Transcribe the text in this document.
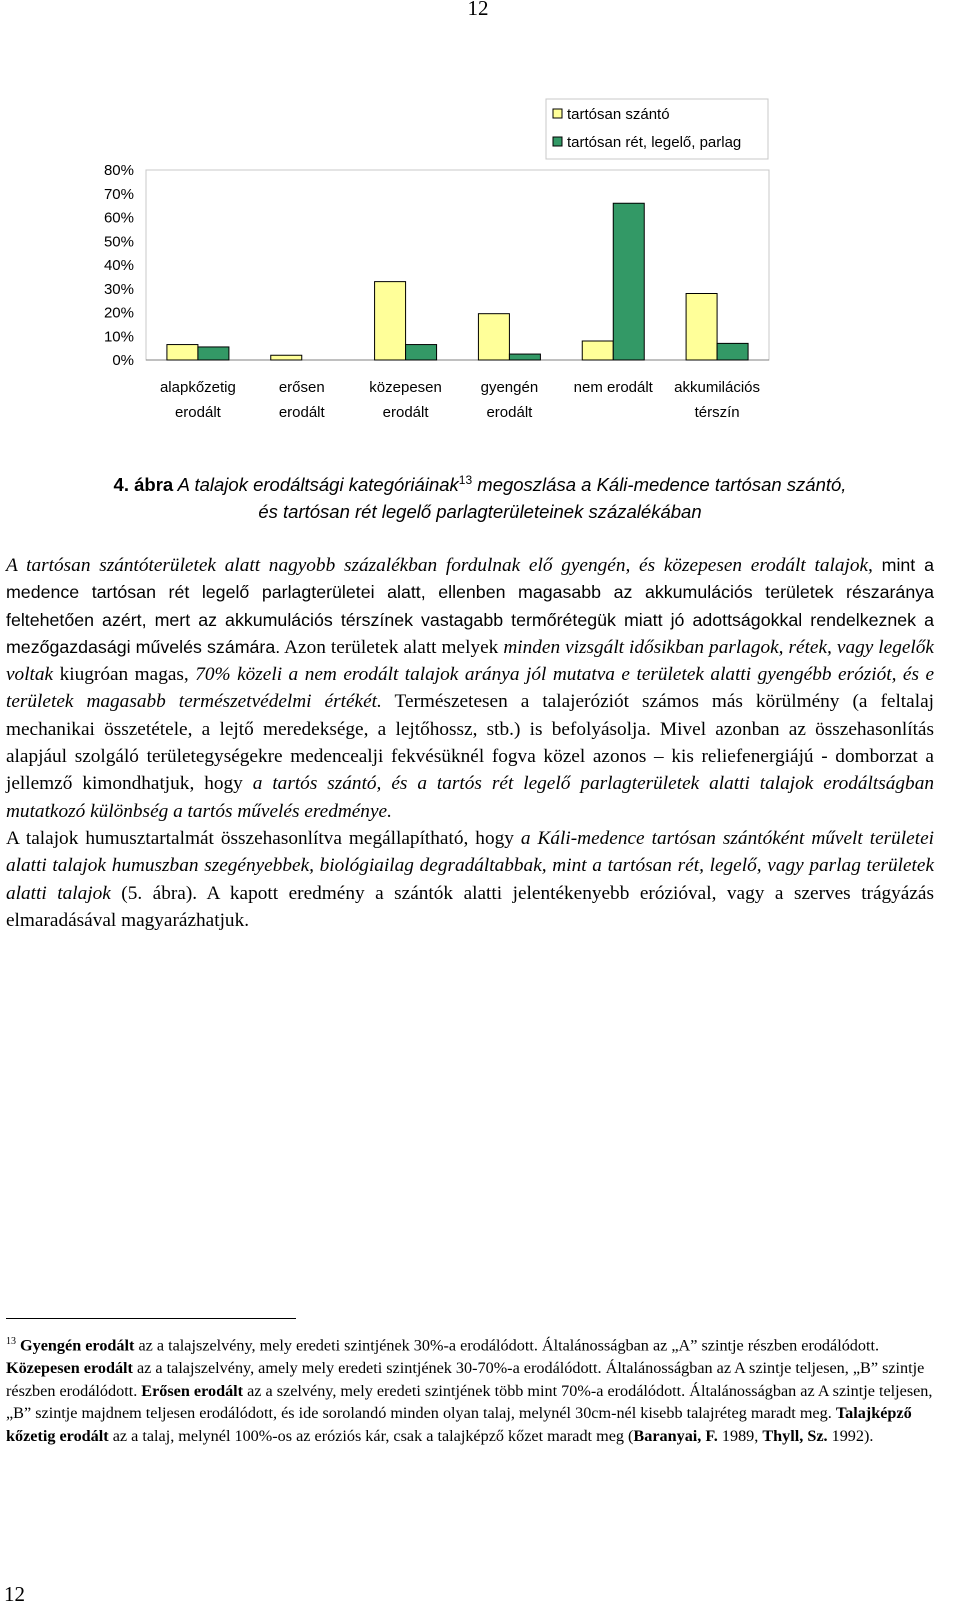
12
tartósan szántó
tartósan rét, legelő, parlag
0%
10%
20%
30%
40%
50%
60%
70%
80%
alapkőzetig
erodált
erősen
erodált
közepesen
erodált
gyengén
erodált
nem erodált akkumilációs
térszín
4. ábra A talajok erodáltsági kategóriáinak$^{13}$ megoszlása a Káli-medence tartósan szántó,
és tartósan rét legelő parlagterületeinek százalékában

A tartósan szántóterületek alatt nagyobb százalékban fordulnak elő gyengén, és közepesen erodált talajok, mint a medence tartósan rét legelő parlagterületei alatt, ellenben magasabb az akkumulációs területek részaránya feltehetően azért, mert az akkumulációs térszínek vastagabb termőrétegük miatt jó adottságokkal rendelkeznek a mezőgazdasági művelés számára. Azon területek alatt melyek minden vizsgált idősikban parlagok, rétek, vagy legelők voltak kiugróan magas, 70% közeli a nem erodált talajok aránya jól mutatva e területek alatti gyengébb eróziót, és e területek magasabb természetvédelmi értékét. Természetesen a talajeróziót számos más körülmény (a feltalaj mechanikai összetétele, a lejtő meredeksége, a lejtőhossz, stb.) is befolyásolja. Mivel azonban az összehasonlítás alapjául szolgáló területegységekre medencealji fekvésüknél fogva közel azonos – kis reliefenergiájú - domborzat a jellemző kimondhatjuk, hogy a tartós szántó, és a tartós rét legelő parlagterületek alatti talajok erodáltságban mutatkozó különbség a tartós művelés eredménye.

A talajok humusztartalmát összehasonlítva megállapítható, hogy a Káli-medence tartósan szántóként művelt területei alatti talajok humuszban szegényebbek, biológiailag degradáltabbak, mint a tartósan rét, legelő, vagy parlag területek alatti talajok (5. ábra). A kapott eredmény a szántók alatti jelentékenyebb erózióval, vagy a szerves trágyázás elmaradásával magyarázhatjuk.

$^{13}$ Gyengén erodált az a talajszelvény, mely eredeti szintjének 30%-a erodálódott. Általánosságban az „A” szintje részben erodálódott. Közepesen erodált az a talajszelvény, amely mely eredeti szintjének 30-70%-a erodálódott. Általánosságban az A szintje teljesen, „B” szintje részben erodálódott. Erősen erodált az a szelvény, mely eredeti szintjének több mint 70%-a erodálódott. Általánosságban az A szintje teljesen, „B” szintje majdnem teljesen erodálódott, és ide sorolandó minden olyan talaj, melynél 30cm-nél kisebb talajréteg maradt meg. Talajképző kőzetig erodált az a talaj, melynél 100%-os az eróziós kár, csak a talajképző kőzet maradt meg (Baranyai, F. 1989, Thyll, Sz. 1992).
12
